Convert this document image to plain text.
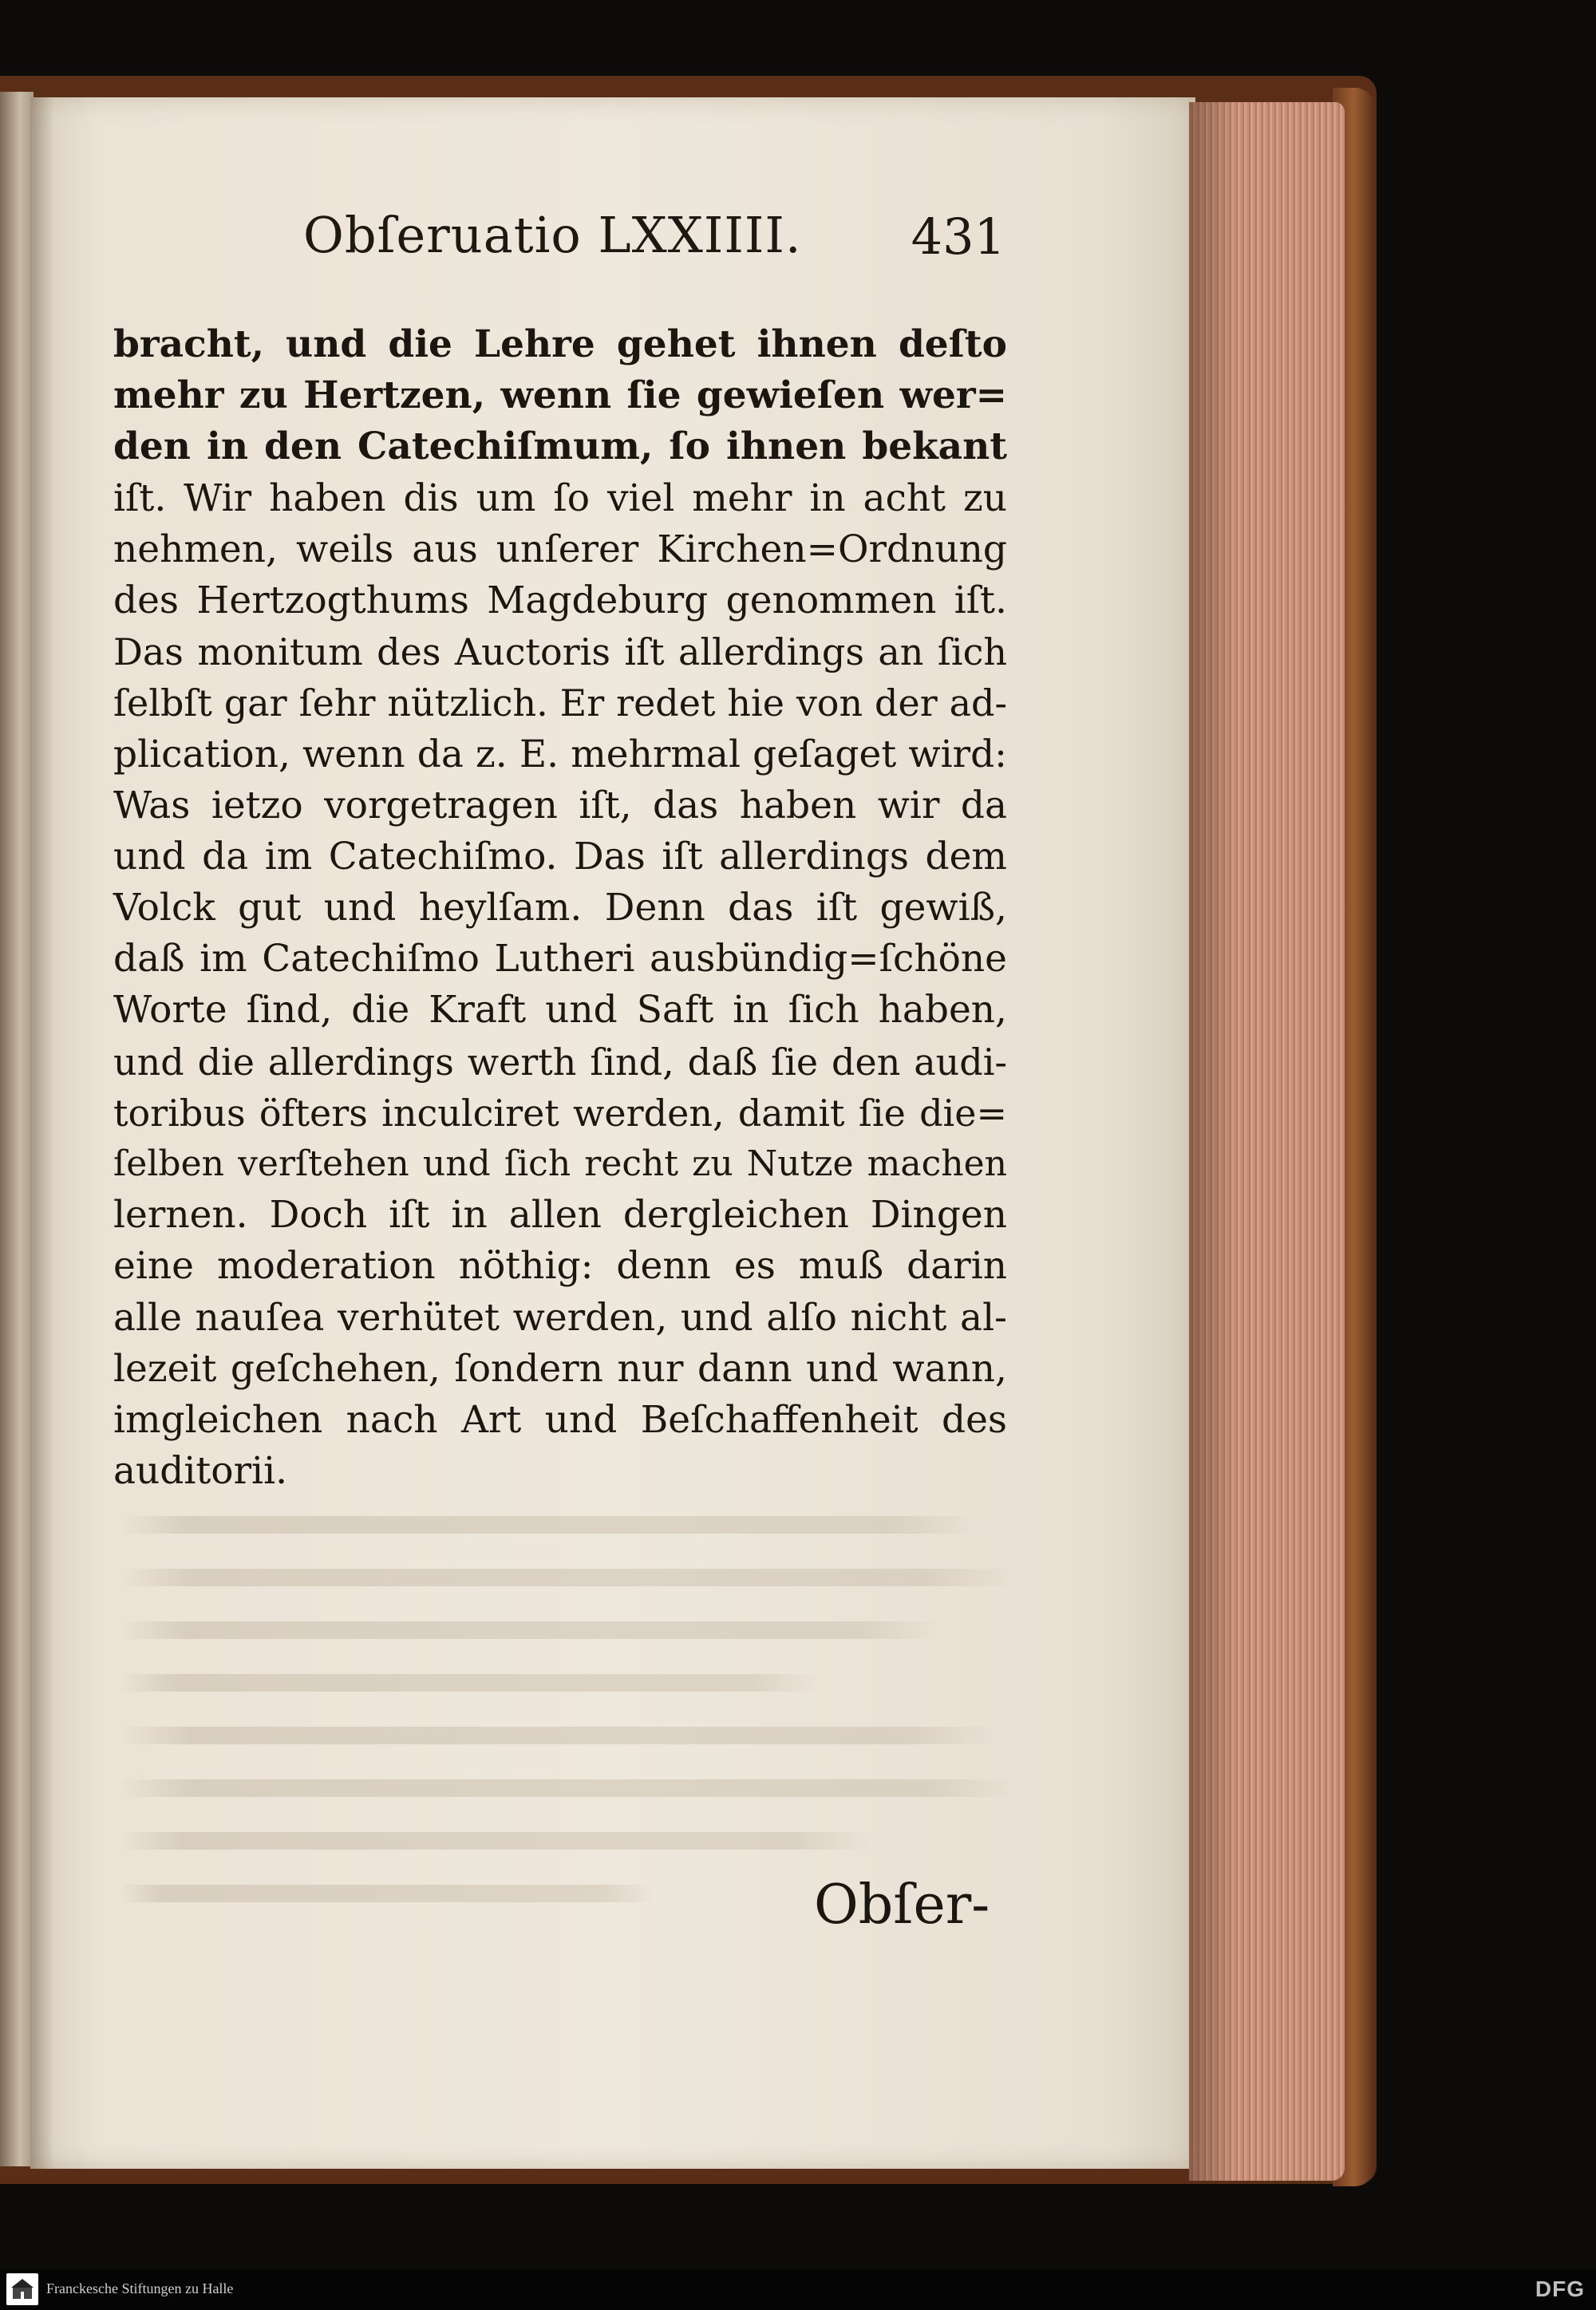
Obſeruatio LXXIIII. 431
bracht, und die Lehre gehet ihnen deſto
mehr zu Hertzen, wenn ſie gewieſen wer=
den in den Catechiſmum, ſo ihnen bekant
iſt. Wir haben dis um ſo viel mehr in acht zu
nehmen, weils aus unſerer Kirchen=Ordnung
des Hertzogthums Magdeburg genommen iſt.
Das monitum des Auctoris iſt allerdings an ſich
ſelbſt gar ſehr nützlich. Er redet hie von der ad-
plication, wenn da z. E. mehrmal geſaget wird:
Was ietzo vorgetragen iſt, das haben wir da
und da im Catechiſmo. Das iſt allerdings dem
Volck gut und heylſam. Denn das iſt gewiß,
daß im Catechiſmo Lutheri ausbündig=ſchöne
Worte ſind, die Kraft und Saft in ſich haben,
und die allerdings werth ſind, daß ſie den audi-
toribus öfters inculciret werden, damit ſie die=
ſelben verſtehen und ſich recht zu Nutze machen
lernen. Doch iſt in allen dergleichen Dingen
eine moderation nöthig: denn es muß darin
alle nauſea verhütet werden, und alſo nicht al-
lezeit geſchehen, ſondern nur dann und wann,
imgleichen nach Art und Beſchaffenheit des
auditorii.
Obſer-
Franckesche Stiftungen zu Halle	DFG
